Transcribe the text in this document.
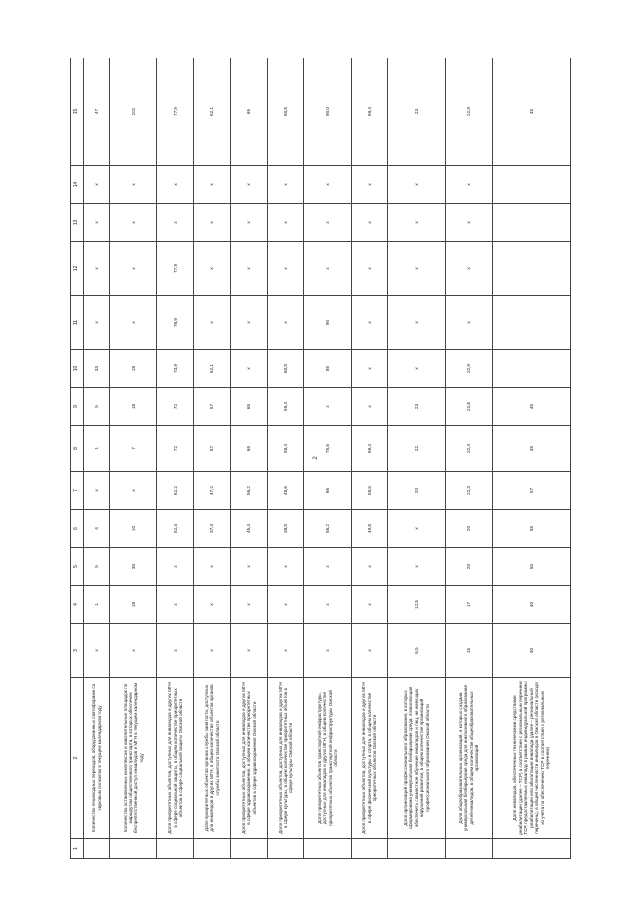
2
1	2	3	4	5	6	7	8	9	10	11	12	13	14	15
	Количество пешеходных переходов, оборудованных светофорами со звуковым сигналом в текущем календарном году	х	1	5	4	х	1	5	33	х	х	х	х	47
	Количество остановочных комплексов и накопительных площадок по маршрутам общественного транспорта, в которых обеспечен беспрепятственный доступ инвалидов и МГН в текущем календарном году	х	18	30	10	х	7	18	18	х	х	х	х	101
	Доля приоритетных объектов, доступных для инвалидов и других МГН в сфере социальной защиты, в общем количестве приоритетных объектов в сфере социальной защиты Омской области	х	х	х	52,4	62,2	72	72	73,9	76,9	77,9	х	х	77,9
	Доля приоритетных объектов органов службы занятости, доступных для инвалидов и других МГН, в общем количестве объектов органов службы занятости Омской области	х	х	х	37,4	47,2	57	57	62,1	х	х	х	х	62,1
	Доля приоритетных объектов, доступных для инвалидов и других МГН в сфере здравоохранения, в общем количестве приоритетных объектов в сфере здравоохранения Омской области	х	х	х	45,4	56,2	65	65	х	х	х	х	х	65
	Доля приоритетных объектов, доступных для инвалидов и других МГН в сфере культуры, в общем количестве приоритетных объектов в сфере культуры Омской области	х	х	х	38,8	48,6	58,4	59,4	60,8	х	х	х	х	60,8
	Доля приоритетных объектов транспортной инфраструктуры, доступных для инвалидов и других МГН, в общем количестве приоритетных объектов транспортной инфраструктуры Омской области	х	х	х	56,2	66	75,8	х	85	90	х	х	х	90,0
	Доля приоритетных объектов, доступных для инвалидов и других МГН в сфере физической культуры и спорта, в общем количестве приоритетных объектов Омской области	х	х	х	49,8	59,5	69,4	х	х	х	х	х	х	69,4
	Доля организаций профессионального образования, в которых сформирована универсальная безбарьерная среда, позволяющая обеспечить совместное обучение инвалидов и лиц, не имеющих нарушений развития, в общем количестве организаций профессионального образования Омской области	6,5	12,5	х	х	20	22	23	х	х	х	х	х	23
	Доля общеобразовательных организаций, в которых создана универсальная безбарьерная среда для инклюзивного образования детей-инвалидов, в общем количестве общеобразовательных организаций	15	17	20	20	22,3	22,4	22,8	22,9	х	х	х	х	22,9
	Доля инвалидов, обеспеченных техническими средствами реабилитации (далее – ТСР) в соответствии с региональным перечнем ТСР, предоставляемых инвалиду в рамках индивидуальной программы реабилитации или абилитации инвалида (далее – региональный перечень), в общей численности инвалидов в Омской области (исходя из учета по обеспечению ТСР в соответствии с региональным перечнем)	30	40	50	55	57	45	45						45
